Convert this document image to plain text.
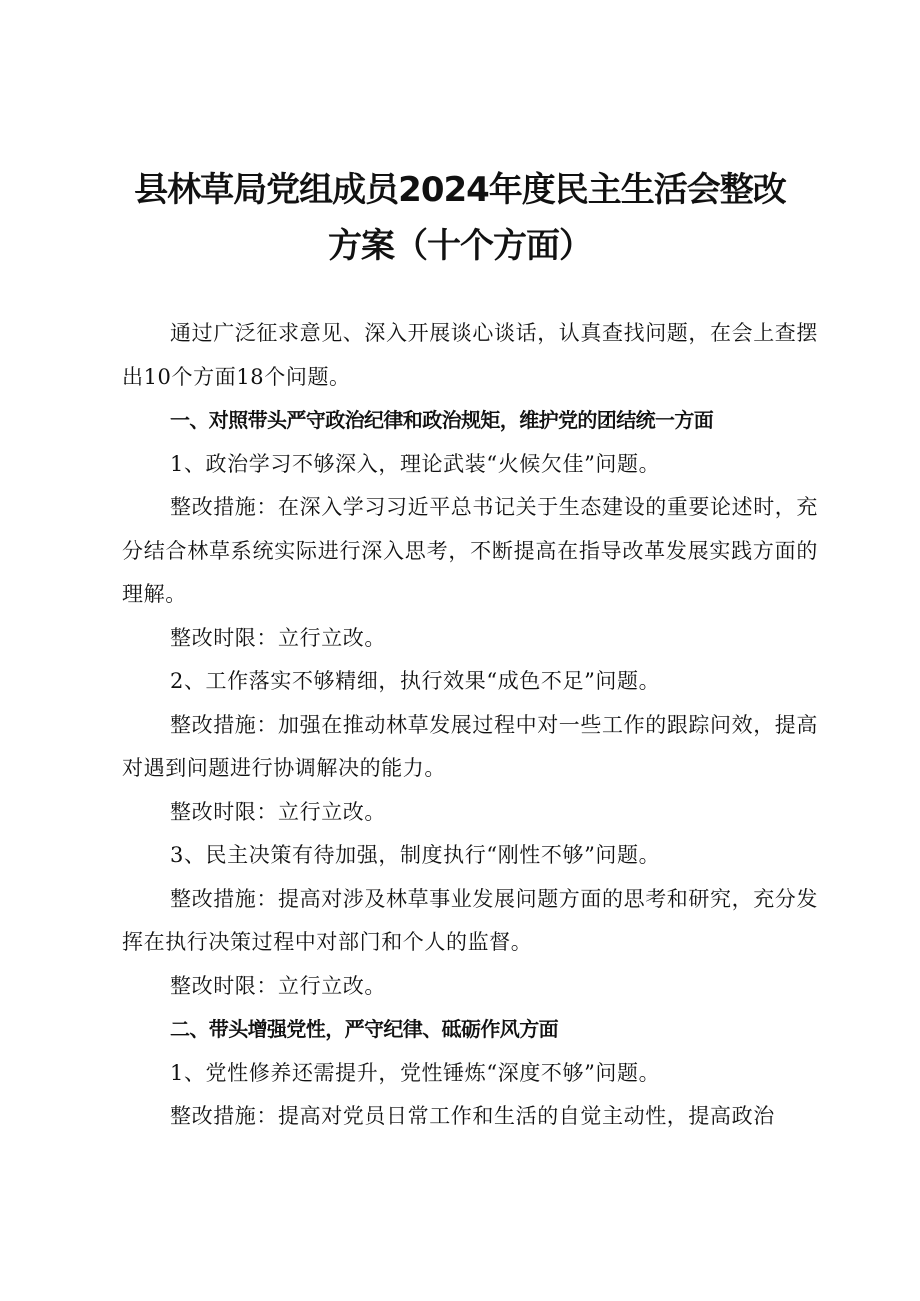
县林草局党组成员2024年度民主生活会整改
方案（十个方面）

通过广泛征求意见、深入开展谈心谈话，认真查找问题，在会上查摆出10个方面18个问题。

一、对照带头严守政治纪律和政治规矩，维护党的团结统一方面

1、政治学习不够深入，理论武装“火候欠佳”问题。

整改措施：在深入学习习近平总书记关于生态建设的重要论述时，充分结合林草系统实际进行深入思考，不断提高在指导改革发展实践方面的理解。

整改时限：立行立改。

2、工作落实不够精细，执行效果“成色不足”问题。

整改措施：加强在推动林草发展过程中对一些工作的跟踪问效，提高对遇到问题进行协调解决的能力。

整改时限：立行立改。

3、民主决策有待加强，制度执行“刚性不够”问题。

整改措施：提高对涉及林草事业发展问题方面的思考和研究，充分发挥在执行决策过程中对部门和个人的监督。

整改时限：立行立改。

二、带头增强党性，严守纪律、砥砺作风方面

1、党性修养还需提升，党性锤炼“深度不够”问题。

整改措施：提高对党员日常工作和生活的自觉主动性，提高政治
